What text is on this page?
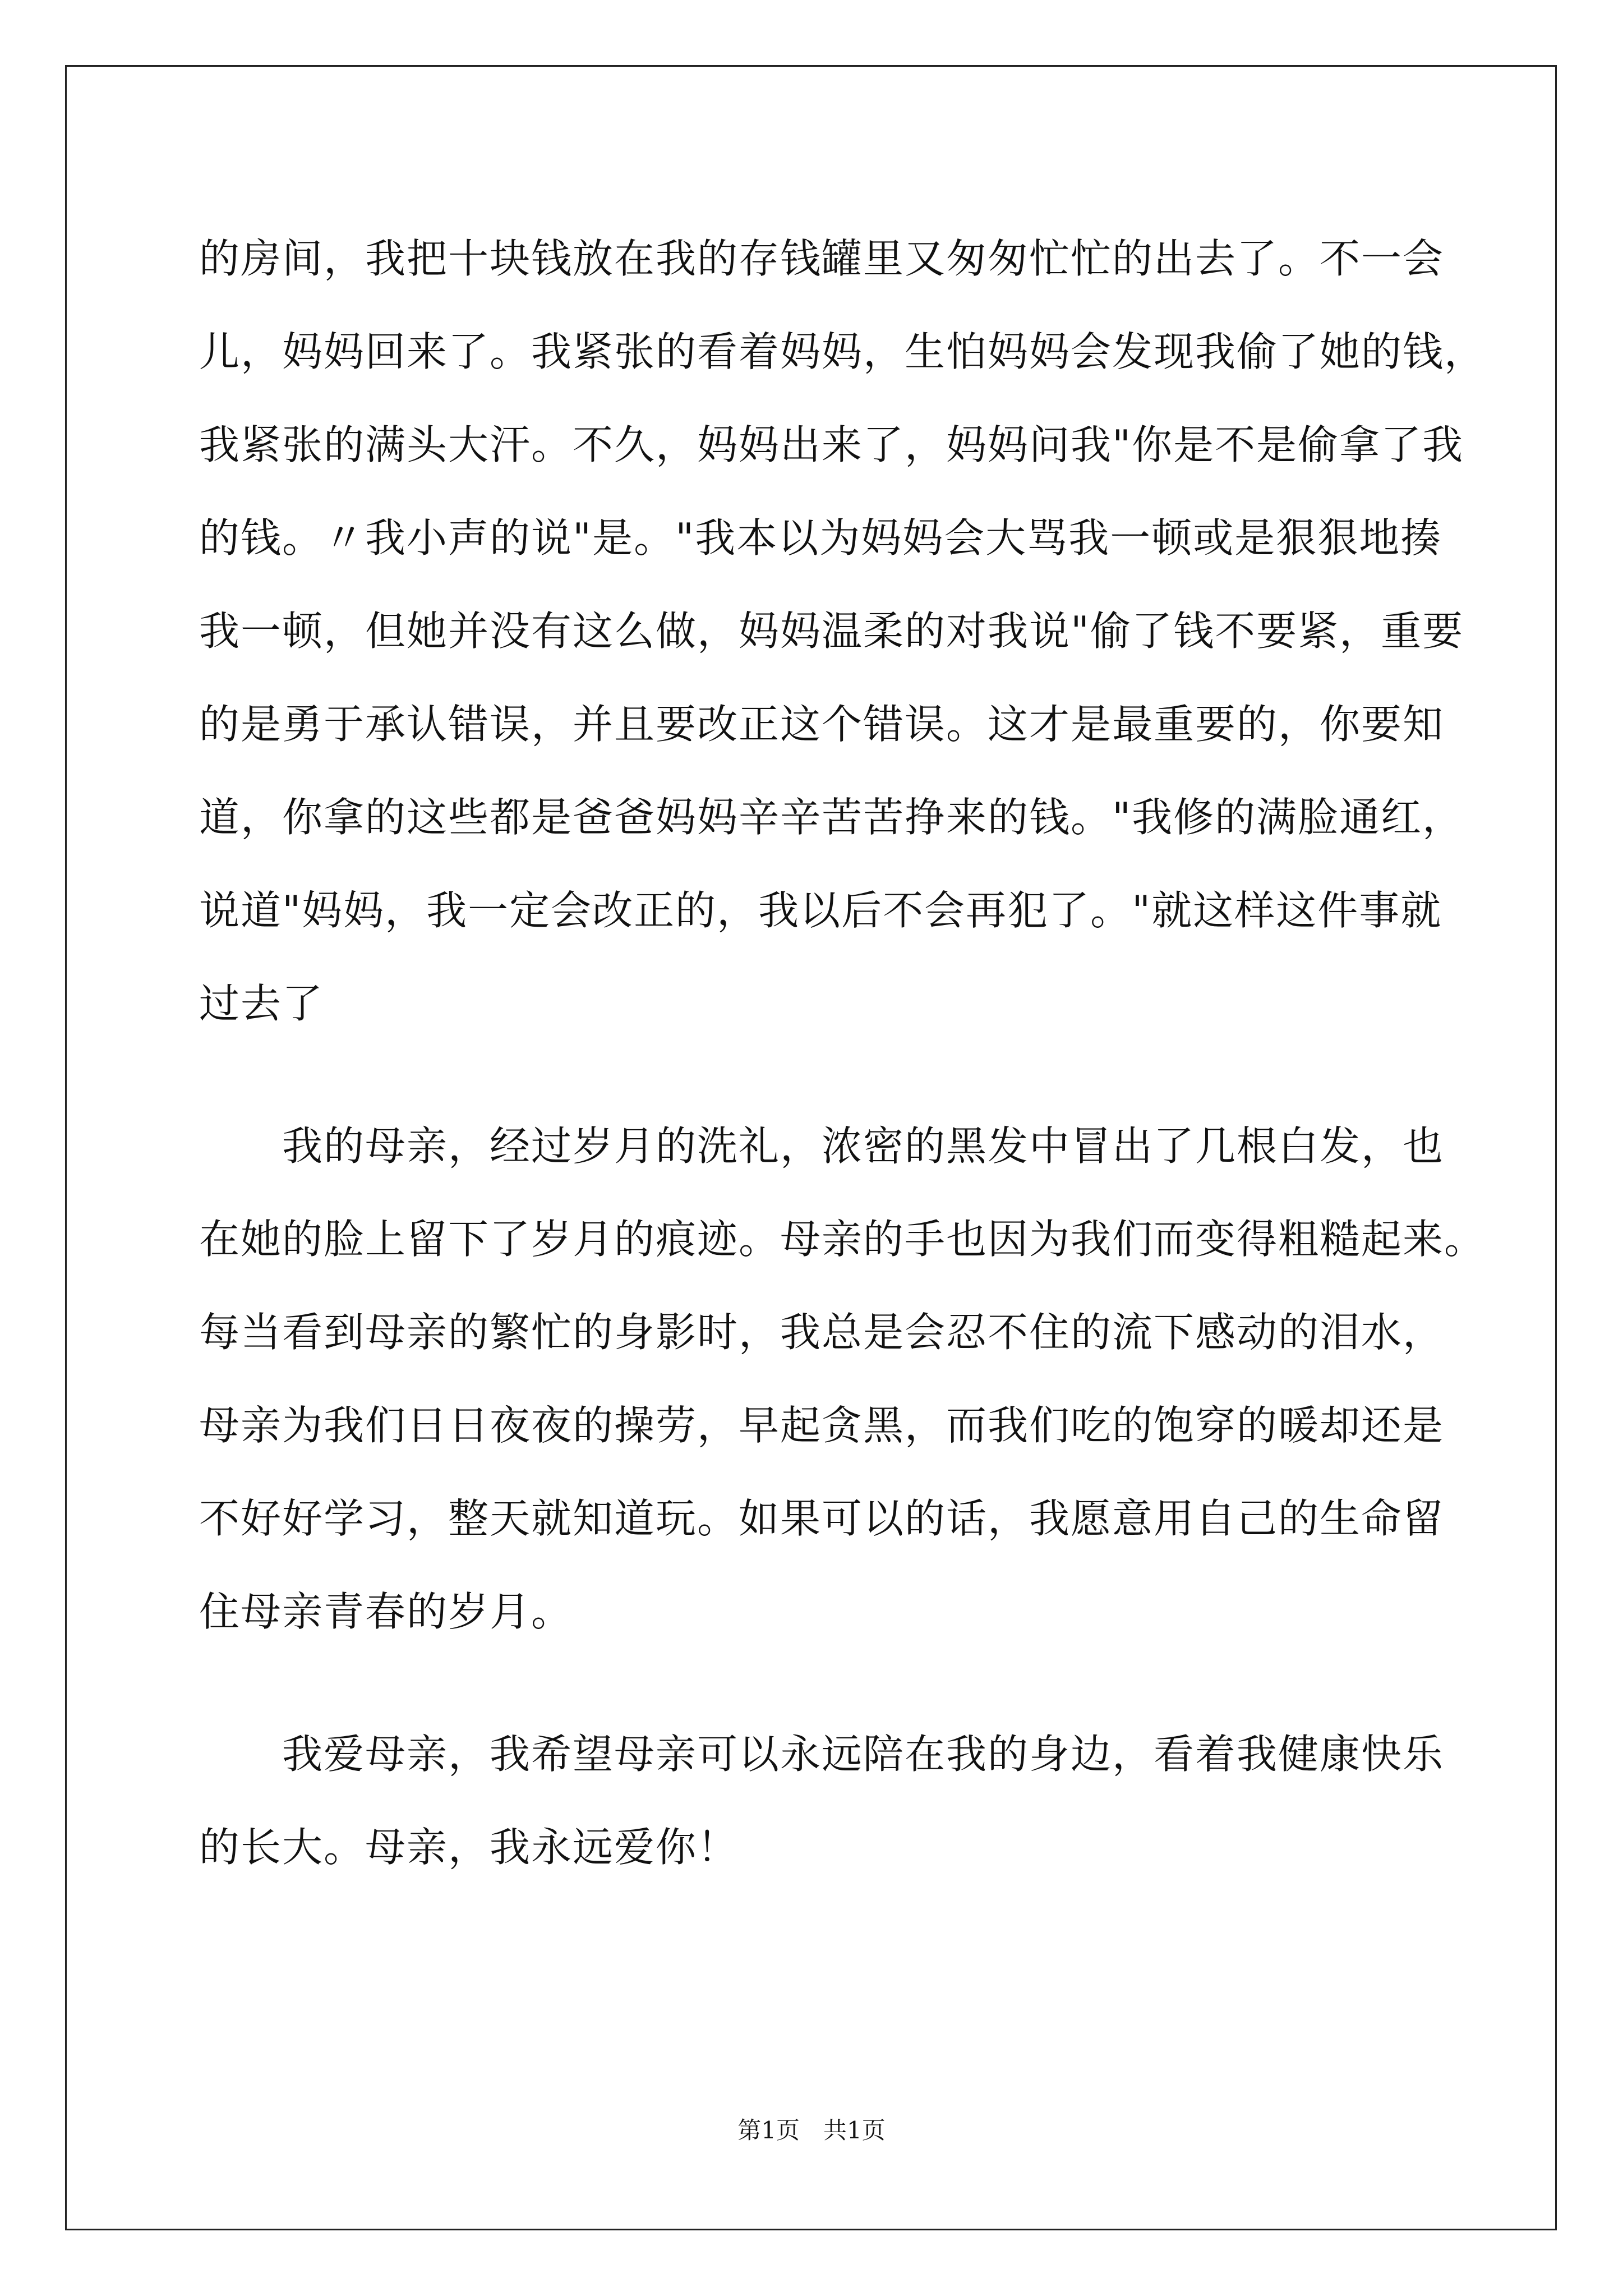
的房间，我把十块钱放在我的存钱罐里又匆匆忙忙的出去了。不一会
儿，妈妈回来了。我紧张的看着妈妈，生怕妈妈会发现我偷了她的钱，
我紧张的满头大汗。不久，妈妈出来了，妈妈问我"你是不是偷拿了我
的钱。〃我小声的说"是。"我本以为妈妈会大骂我一顿或是狠狠地揍
我一顿，但她并没有这么做，妈妈温柔的对我说"偷了钱不要紧，重要
的是勇于承认错误，并且要改正这个错误。这才是最重要的，你要知
道，你拿的这些都是爸爸妈妈辛辛苦苦挣来的钱。"我修的满脸通红，
说道"妈妈，我一定会改正的，我以后不会再犯了。"就这样这件事就
过去了
　　我的母亲，经过岁月的洗礼，浓密的黑发中冒出了几根白发，也
在她的脸上留下了岁月的痕迹。母亲的手也因为我们而变得粗糙起来。
每当看到母亲的繁忙的身影时，我总是会忍不住的流下感动的泪水，
母亲为我们日日夜夜的操劳，早起贪黑，而我们吃的饱穿的暖却还是
不好好学习，整天就知道玩。如果可以的话，我愿意用自己的生命留
住母亲青春的岁月。
　　我爱母亲，我希望母亲可以永远陪在我的身边，看着我健康快乐
的长大。母亲，我永远爱你！
第1页　共1页
